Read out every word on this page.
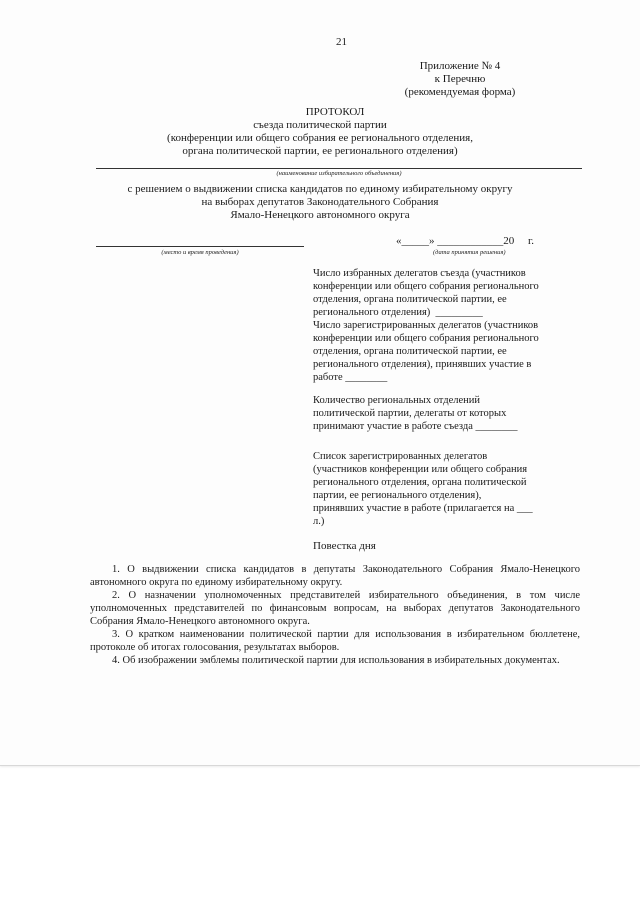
21
Приложение № 4
к Перечню
(рекомендуемая форма)
ПРОТОКОЛ
съезда политической партии
(конференции или общего собрания ее регионального отделения,
органа политической партии, ее регионального отделения)
(наименование избирательного объединения)
с решением о выдвижении списка кандидатов по единому избирательному округу
на выборах депутатов Законодательного Собрания
Ямало-Ненецкого автономного округа
(место и время проведения)
«_____» ____________20     г.
(дата принятия решения)
Число избранных делегатов съезда (участников
конференции или общего собрания регионального
отделения, органа политической партии, ее
регионального отделения)  _________
Число зарегистрированных делегатов (участников
конференции или общего собрания регионального
отделения, органа политической партии, ее
регионального отделения), принявших участие в
работе ________
Количество региональных отделений
политической партии, делегаты от которых
принимают участие в работе съезда ________
Список зарегистрированных делегатов
(участников конференции или общего собрания
регионального отделения, органа политической
партии, ее регионального отделения),
принявших участие в работе (прилагается на ___
л.)
Повестка дня
1. О выдвижении списка кандидатов в депутаты Законодательного Собрания Ямало-Ненецкого автономного округа по единому избирательному округу.
2. О назначении уполномоченных представителей избирательного объединения, в том числе уполномоченных представителей по финансовым вопросам, на выборах депутатов Законодательного Собрания Ямало-Ненецкого автономного округа.
3. О кратком наименовании политической партии для использования в избирательном бюллетене, протоколе об итогах голосования, результатах выборов.
4. Об изображении эмблемы политической партии для использования в избирательных документах.
